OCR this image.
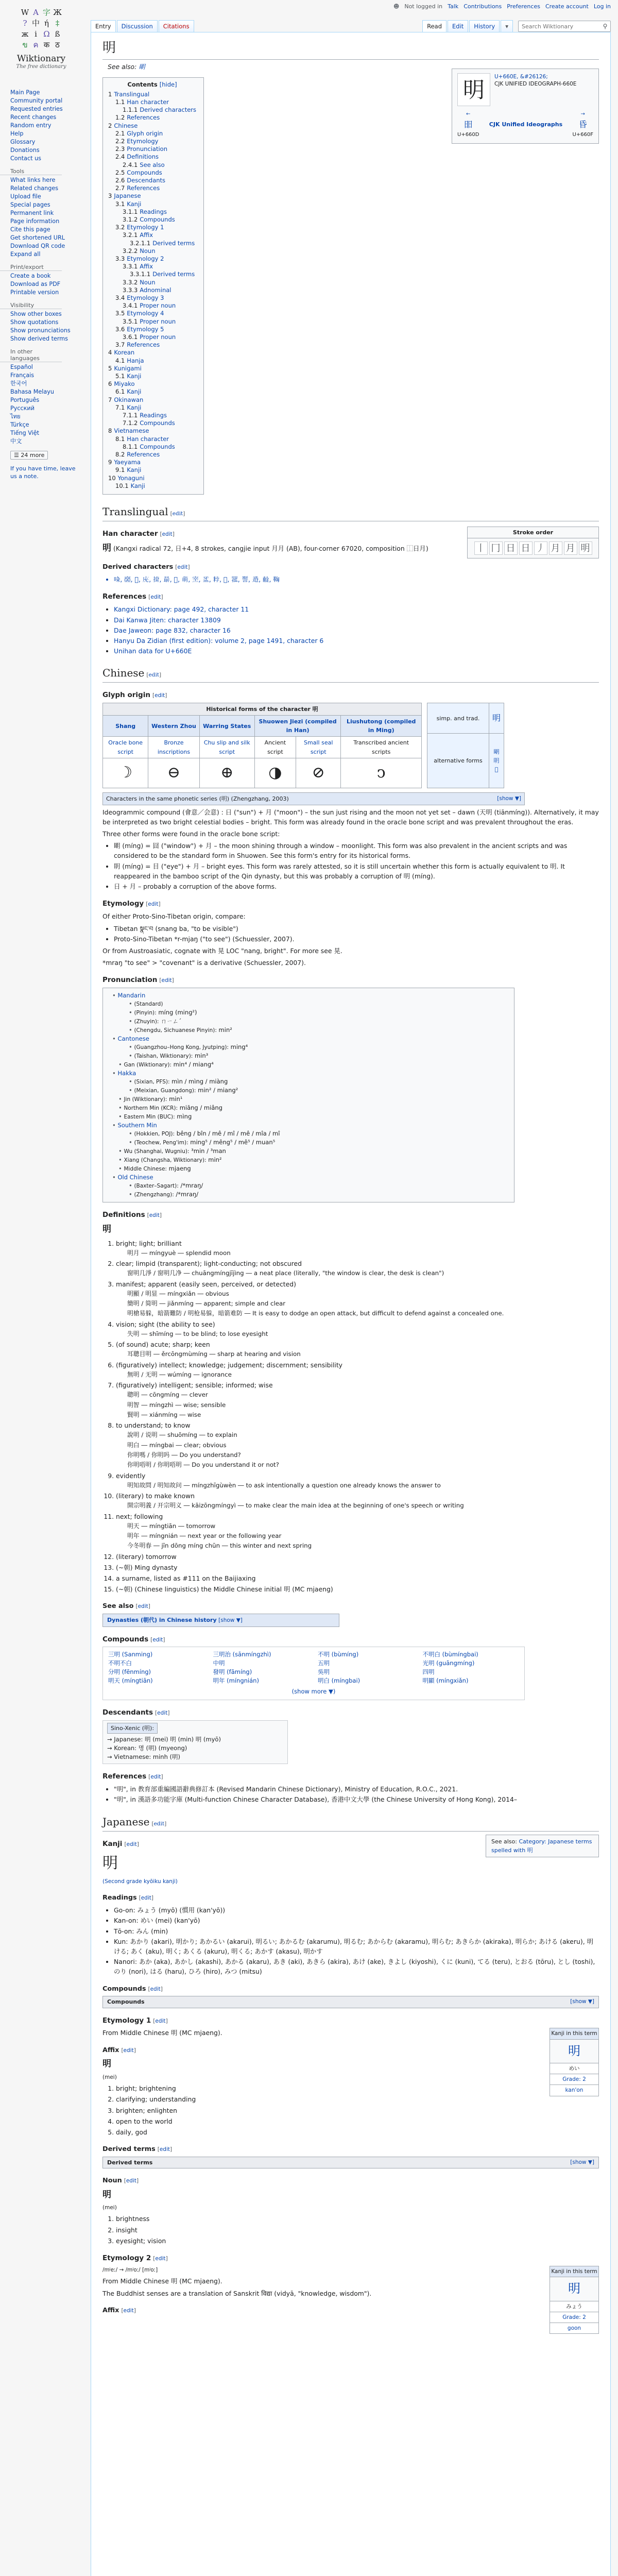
☻ Not logged in Talk Contributions Preferences Create account Log in
W A 字 Ж
? 中 ή ‡
ж i Ω ß
ข ค क ठ
Wiktionary
The free dictionary
Main Page
Community portal
Requested entries
Recent changes
Random entry
Help
Glossary
Donations
Contact us
Tools
What links here
Related changes
Upload file
Special pages
Permanent link
Page information
Cite this page
Get shortened URL
Download QR code
Expand all
Print/export
Create a book
Download as PDF
Printable version
Visibility
Show other boxes
Show quotations
Show pronunciations
Show derived terms
In other languages
Español
Français
한국어
Bahasa Melayu
Português
Русский
ไทย
Türkçe
Tiếng Việt
中文
☰ 24 more
If you have time, leave us a note.
Entry	Discussion	Citations	Read	Edit	History	▾
Search Wiktionary	⚲
明

See also: 朙

明
U+660E, &#26126;
CJK UNIFIED IDEOGRAPH-660E
←
昍
U+660D
CJK Unified Ideographs
→
昏
U+660F
Contents [hide]
1 Translingual
1.1 Han character
1.1.1 Derived characters
1.2 References
2 Chinese
2.1 Glyph origin
2.2 Etymology
2.3 Pronunciation
2.4 Definitions
2.4.1 See also
2.5 Compounds
2.6 Descendants
2.7 References
3 Japanese
3.1 Kanji
3.1.1 Readings
3.1.2 Compounds
3.2 Etymology 1
3.2.1 Affix
3.2.1.1 Derived terms
3.2.2 Noun
3.3 Etymology 2
3.3.1 Affix
3.3.1.1 Derived terms
3.3.2 Noun
3.3.3 Adnominal
3.4 Etymology 3
3.4.1 Proper noun
3.5 Etymology 4
3.5.1 Proper noun
3.6 Etymology 5
3.6.1 Proper noun
3.7 References
4 Korean
4.1 Hanja
5 Kunigami
5.1 Kanji
6 Miyako
6.1 Kanji
7 Okinawan
7.1 Kanji
7.1.1 Readings
7.1.2 Compounds
8 Vietnamese
8.1 Han character
8.1.1 Compounds
8.2 References
9 Yaeyama
9.1 Kanji
10 Yonaguni
10.1 Kanji
Translingual [edit]
Stroke order
丨 冂 日 日 丿 月 月 明
Han character [edit]

明 (Kangxi radical 72, 日+4, 8 strokes, cangjie input 月月 (AB), four-corner 67020, composition ⿰日月)

Derived characters [edit]
• 𠱞, 𡕍, 𡰳, 𢇰, 𢱕, 𣉛, 𣊇, 萌, 𤌊, 𥁆, 𥹸, 𦀐, 𦋆, 𧬊, 𨓈, 𨩧, 𩋃
References [edit]
• Kangxi Dictionary: page 492, character 11
• Dai Kanwa Jiten: character 13809
• Dae Jaweon: page 832, character 16
• Hanyu Da Zidian (first edition): volume 2, page 1491, character 6
• Unihan data for U+660E
Chinese [edit]
Glyph origin [edit]
Historical forms of the character 明					
Shang	Western Zhou	Warring States	Shuowen Jiezi (compiled in Han)		Liushutong (compiled in Ming)
Oracle bone script	Bronze inscriptions	Chu slip and silk script	Ancient script	Small seal script	Transcribed ancient scripts
☽	⊖	⊕	◑	⊘	ↄ
simp. and trad.	明
alternative forms	朙
眀
𦝎
Characters in the same phonetic series (明) (Zhengzhang, 2003)	[show ▼]

Ideogrammic compound (會意／会意) : 日 ("sun") + 月 ("moon") – the sun just rising and the moon not yet set – dawn (天明 (tiānmíng)). Alternatively, it may be interpreted as two bright celestial bodies – bright. This form was already found in the oracle bone script and was prevalent throughout the eras.

Three other forms were found in the oracle bone script:

• 朙 (míng) = 囧 ("window") + 月 – the moon shining through a window – moonlight. This form was also prevalent in the ancient scripts and was considered to be the standard form in Shuowen. See this form's entry for its historical forms.
• 眀 (míng) = 目 ("eye") + 月 – bright eyes. This form was rarely attested, so it is still uncertain whether this form is actually equivalent to 明. It reappeared in the bamboo script of the Qin dynasty, but this was probably a corruption of 明 (míng).
• 日 + 月 – probably a corruption of the above forms.
Etymology [edit]

Of either Proto-Sino-Tibetan origin, compare:

• Tibetan སྣང་བ (snang ba, "to be visible")
• Proto-Sino-Tibetan *r-mjaŋ ("to see") (Schuessler, 2007).

Or from Austroasiatic, cognate with 晃 LOC "nang, bright". For more see 晃.

*mraŋ "to see" > "covenant" is a derivative (Schuessler, 2007).

Pronunciation [edit]
• Mandarin
• (Standard)
• (Pinyin): míng (ming²)
• (Zhuyin): ㄇㄧㄥˊ
• (Chengdu, Sichuanese Pinyin): min²
• Cantonese
• (Guangzhou–Hong Kong, Jyutping): ming⁴
• (Taishan, Wiktionary): min³
• Gan (Wiktionary): min⁴ / miang⁴
• Hakka
• (Sixian, PFS): mìn / mìng / miàng
• (Meixian, Guangdong): min² / miang²
• Jin (Wiktionary): min¹
• Northern Min (KCR): miăng / miâng
• Eastern Min (BUC): mìng
• Southern Min
• (Hokkien, POJ): bêng / bîn / mê / mî / mê / mîa / mî
• (Teochew, Peng'im): ming⁵ / mêng⁵ / mê⁵ / muan⁵
• Wu (Shanghai, Wugniu): ³min / ³man
• Xiang (Changsha, Wiktionary): min²
• Middle Chinese: mjaeng
• Old Chinese
• (Baxter–Sagart): /*mraŋ/
• (Zhengzhang): /*mraŋ/
Definitions [edit]

明

1. bright; light; brilliant
明月 ― míngyuè ― splendid moon
2. clear; limpid (transparent); light-conducting; not obscured
窗明几淨 / 窗明几净 ― chuāngmíngjījìng ― a neat place (literally, "the window is clear, the desk is clean")
3. manifest; apparent (easily seen, perceived, or detected)
明顯 / 明显 ― míngxiǎn ― obvious
簡明 / 简明 ― jiǎnmíng ― apparent; simple and clear
明槍易躲，暗箭難防 / 明枪易躲，暗箭难防 ― It is easy to dodge an open attack, but difficult to defend against a concealed one.
4. vision; sight (the ability to see)
失明 ― shīmíng ― to be blind; to lose eyesight
5. (of sound) acute; sharp; keen
耳聰目明 ― ěrcōngmùmíng ― sharp at hearing and vision
6. (figuratively) intellect; knowledge; judgement; discernment; sensibility
無明 / 无明 ― wúmíng ― ignorance
7. (figuratively) intelligent; sensible; informed; wise
聰明 ― cōngmíng ― clever
明智 ― míngzhì ― wise; sensible
賢明 ― xiánmíng ― wise
8. to understand; to know
說明 / 说明 ― shuōmíng ― to explain
明白 ― míngbai ― clear; obvious
你明嗎 / 你明吗 ― Do you understand?
你明唔明 / 你明唔明 ― Do you understand it or not?
9. evidently
明知故問 / 明知故问 ― míngzhīgùwèn ― to ask intentionally a question one already knows the answer to
10. (literary) to make known
開宗明義 / 开宗明义 ― kāizōngmíngyì ― to make clear the main idea at the beginning of one's speech or writing
11. next; following
明天 ― míngtiān ― tomorrow
明年 ― míngnián ― next year or the following year
今冬明春 ― jīn dōng míng chūn ― this winter and next spring
12. (literary) tomorrow
13. (~朝) Ming dynasty
14. a surname, listed as #111 on the Baijiaxing
15. (~朝) (Chinese linguistics) the Middle Chinese initial 明 (MC mjaeng)
See also [edit]
Dynasties (朝代) in Chinese history [show ▼]
Compounds [edit]
三明 (Sanming)	三明治 (sānmíngzhì)	不明 (bùmíng)	不明白 (bùmíngbai)
不明不白	中明	五明	光明 (guāngmíng)
分明 (fēnmíng)	發明 (fāmíng)	吳明	四明
明天 (míngtiān)	明年 (míngnián)	明白 (míngbai)	明顯 (míngxiǎn)
(show more ▼)
Descendants [edit]
Sino-Xenic (明):
→ Japanese: 明 (mei) 明 (min) 明 (myō)
→ Korean: 명 (明) (myeong)
→ Vietnamese: minh (明)
References [edit]
• "明", in 教育部重編國語辭典修訂本 (Revised Mandarin Chinese Dictionary), Ministry of Education, R.O.C., 2021.
• "明", in 漢語多功能字庫 (Multi-function Chinese Character Database), 香港中文大學 (the Chinese University of Hong Kong), 2014–
Japanese [edit]
See also: Category: Japanese terms spelled with 明
Kanji [edit]
明

(Second grade kyōiku kanji)

Readings [edit]
• Go-on: みょう (myō) (慣用 (kan'yō))
• Kan-on: めい (mei) (kan'yō)
• Tō-on: みん (min)
• Kun: あかり (akari), 明かり; あかるい (akarui), 明るい; あかるむ (akarumu), 明るむ; あからむ (akaramu), 明らむ; あきらか (akiraka), 明らか; あける (akeru), 明ける; あく (aku), 明く; あくる (akuru), 明くる; あかす (akasu), 明かす
• Nanori: あか (aka), あかし (akashi), あかる (akaru), あき (aki), あきら (akira), あけ (ake), きよし (kiyoshi), くに (kuni), てる (teru), とおる (tōru), とし (toshi), のり (nori), はる (haru), ひろ (hiro), みつ (mitsu)
Compounds [edit]
Compounds	[show ▼]
Etymology 1 [edit]
Kanji in this term
明
めい
Grade: 2
kan'on

From Middle Chinese 明 (MC mjaeng).

Affix [edit]

明

(mei)

1. bright; brightening
2. clarifying; understanding
3. brighten; enlighten
4. open to the world
5. daily, god
Derived terms [edit]
Derived terms	[show ▼]
Noun [edit]

明

(mei)

1. brightness
2. insight
3. eyesight; vision
Etymology 2 [edit]
Kanji in this term
明
みょう
Grade: 2
goon

/mʲeː/ → /mʲoː/ [mʲoː]

From Middle Chinese 明 (MC mjaeng).

The Buddhist senses are a translation of Sanskrit विद्या (vidyā, "knowledge, wisdom").

Affix [edit]
